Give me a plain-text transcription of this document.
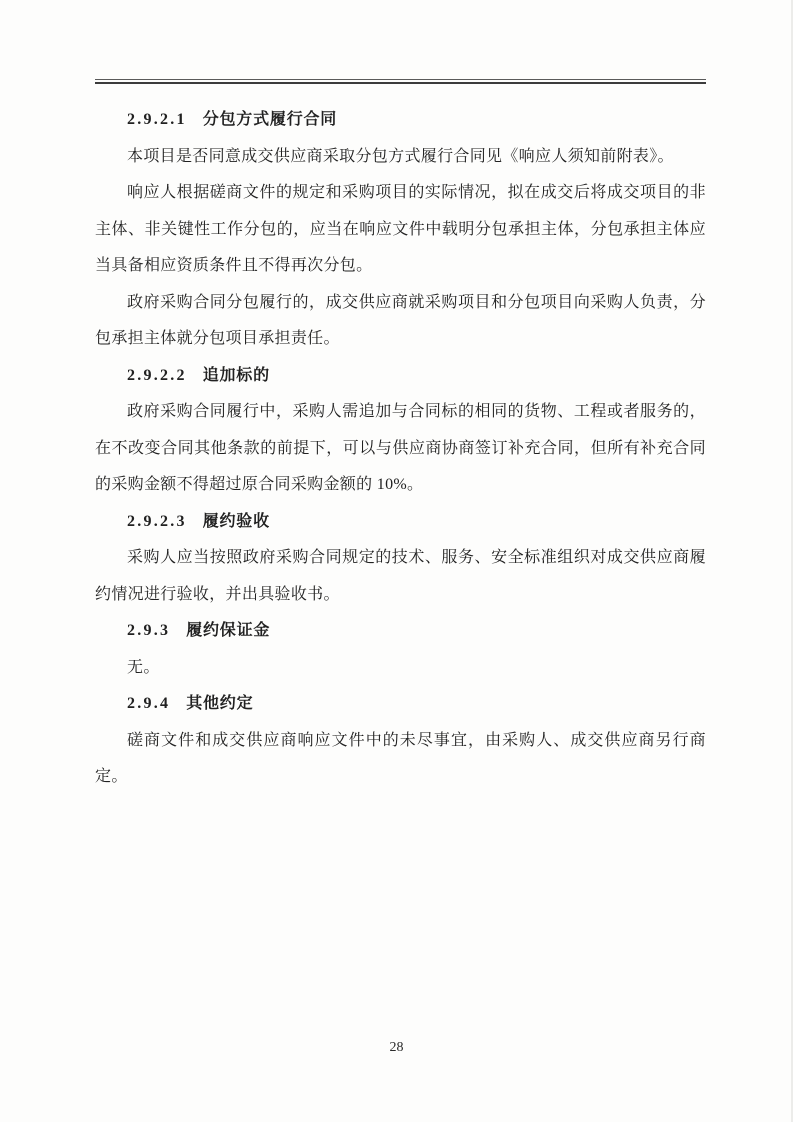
2.9.2.1 分包方式履行合同

本项目是否同意成交供应商采取分包方式履行合同见《响应人须知前附表》。

响应人根据磋商文件的规定和采购项目的实际情况，拟在成交后将成交项目的非主体、非关键性工作分包的，应当在响应文件中载明分包承担主体，分包承担主体应当具备相应资质条件且不得再次分包。

政府采购合同分包履行的，成交供应商就采购项目和分包项目向采购人负责，分包承担主体就分包项目承担责任。

2.9.2.2 追加标的

政府采购合同履行中，采购人需追加与合同标的相同的货物、工程或者服务的，在不改变合同其他条款的前提下，可以与供应商协商签订补充合同，但所有补充合同的采购金额不得超过原合同采购金额的 10%。

2.9.2.3 履约验收

采购人应当按照政府采购合同规定的技术、服务、安全标准组织对成交供应商履约情况进行验收，并出具验收书。

2.9.3 履约保证金

无。

2.9.4 其他约定

磋商文件和成交供应商响应文件中的未尽事宜，由采购人、成交供应商另行商定。

28
